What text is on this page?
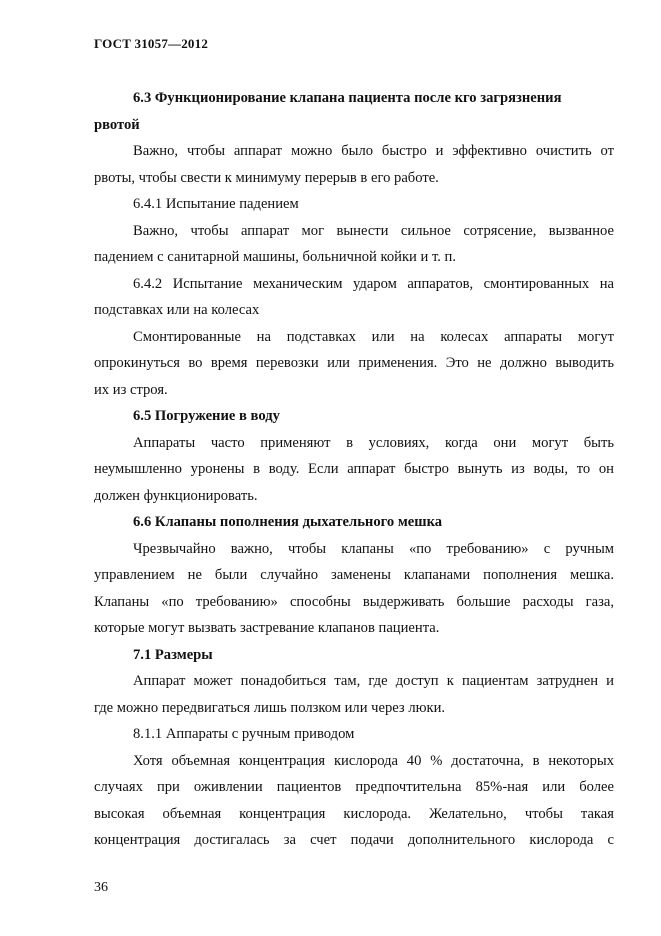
ГОСТ 31057—2012
6.3 Функционирование клапана пациента после кго загрязнения
рвотой
Важно, чтобы аппарат можно было быстро и эффективно очистить от
рвоты, чтобы свести к минимуму перерыв в его работе.
6.4.1 Испытание падением
Важно, чтобы аппарат мог вынести сильное сотрясение, вызванное
падением с санитарной машины, больничной койки и т. п.
6.4.2 Испытание механическим ударом аппаратов, смонтированных на
подставках или на колесах
Смонтированные на подставках или на колесах аппараты могут
опрокинуться во время перевозки или применения. Это не должно выводить
их из строя.
6.5 Погружение в воду
Аппараты часто применяют в условиях, когда они могут быть
неумышленно уронены в воду. Если аппарат быстро вынуть из воды, то он
должен функционировать.
6.6 Клапаны пополнения дыхательного мешка
Чрезвычайно важно, чтобы клапаны «по требованию» с ручным
управлением не были случайно заменены клапанами пополнения мешка.
Клапаны «по требованию» способны выдерживать большие расходы газа,
которые могут вызвать застревание клапанов пациента.
7.1 Размеры
Аппарат может понадобиться там, где доступ к пациентам затруднен и
где можно передвигаться лишь ползком или через люки.
8.1.1 Аппараты с ручным приводом
Хотя объемная концентрация кислорода 40 % достаточна, в некоторых
случаях при оживлении пациентов предпочтительна 85%-ная или более
высокая объемная концентрация кислорода. Желательно, чтобы такая
концентрация достигалась за счет подачи дополнительного кислорода с
36
